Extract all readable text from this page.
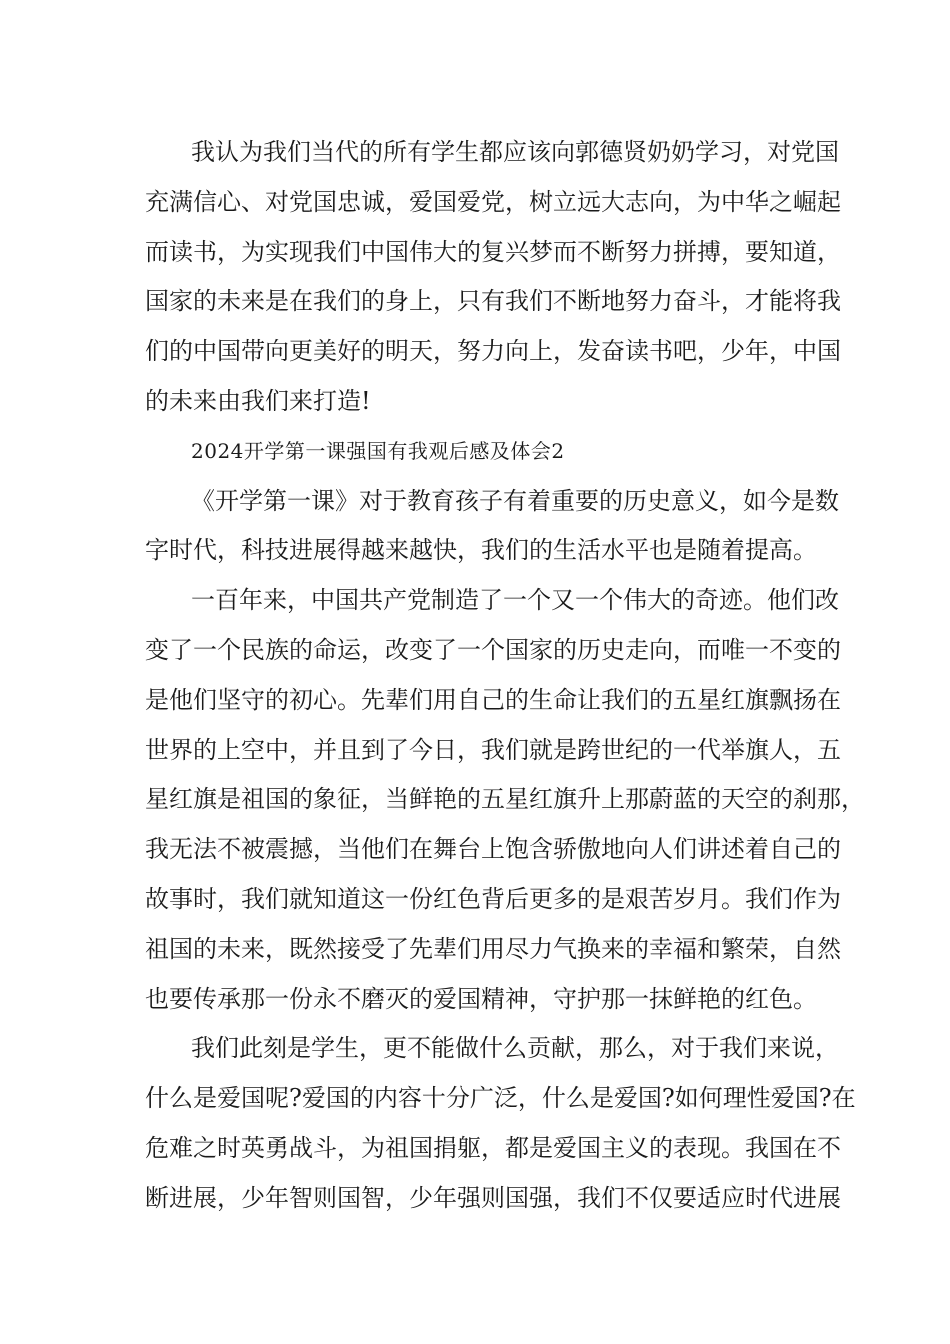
我认为我们当代的所有学生都应该向郭德贤奶奶学习，对党国
充满信心、对党国忠诚，爱国爱党，树立远大志向，为中华之崛起
而读书，为实现我们中国伟大的复兴梦而不断努力拼搏，要知道，
国家的未来是在我们的身上，只有我们不断地努力奋斗，才能将我
们的中国带向更美好的明天，努力向上，发奋读书吧，少年，中国
的未来由我们来打造!
2024开学第一课强国有我观后感及体会2
《开学第一课》对于教育孩子有着重要的历史意义，如今是数
字时代，科技进展得越来越快，我们的生活水平也是随着提高。
一百年来，中国共产党制造了一个又一个伟大的奇迹。他们改
变了一个民族的命运，改变了一个国家的历史走向，而唯一不变的
是他们坚守的初心。先辈们用自己的生命让我们的五星红旗飘扬在
世界的上空中，并且到了今日，我们就是跨世纪的一代举旗人，五
星红旗是祖国的象征，当鲜艳的五星红旗升上那蔚蓝的天空的刹那，
我无法不被震撼，当他们在舞台上饱含骄傲地向人们讲述着自己的
故事时，我们就知道这一份红色背后更多的是艰苦岁月。我们作为
祖国的未来，既然接受了先辈们用尽力气换来的幸福和繁荣，自然
也要传承那一份永不磨灭的爱国精神，守护那一抹鲜艳的红色。
我们此刻是学生，更不能做什么贡献，那么，对于我们来说，
什么是爱国呢?爱国的内容十分广泛，什么是爱国?如何理性爱国?在
危难之时英勇战斗，为祖国捐躯，都是爱国主义的表现。我国在不
断进展，少年智则国智，少年强则国强，我们不仅要适应时代进展
